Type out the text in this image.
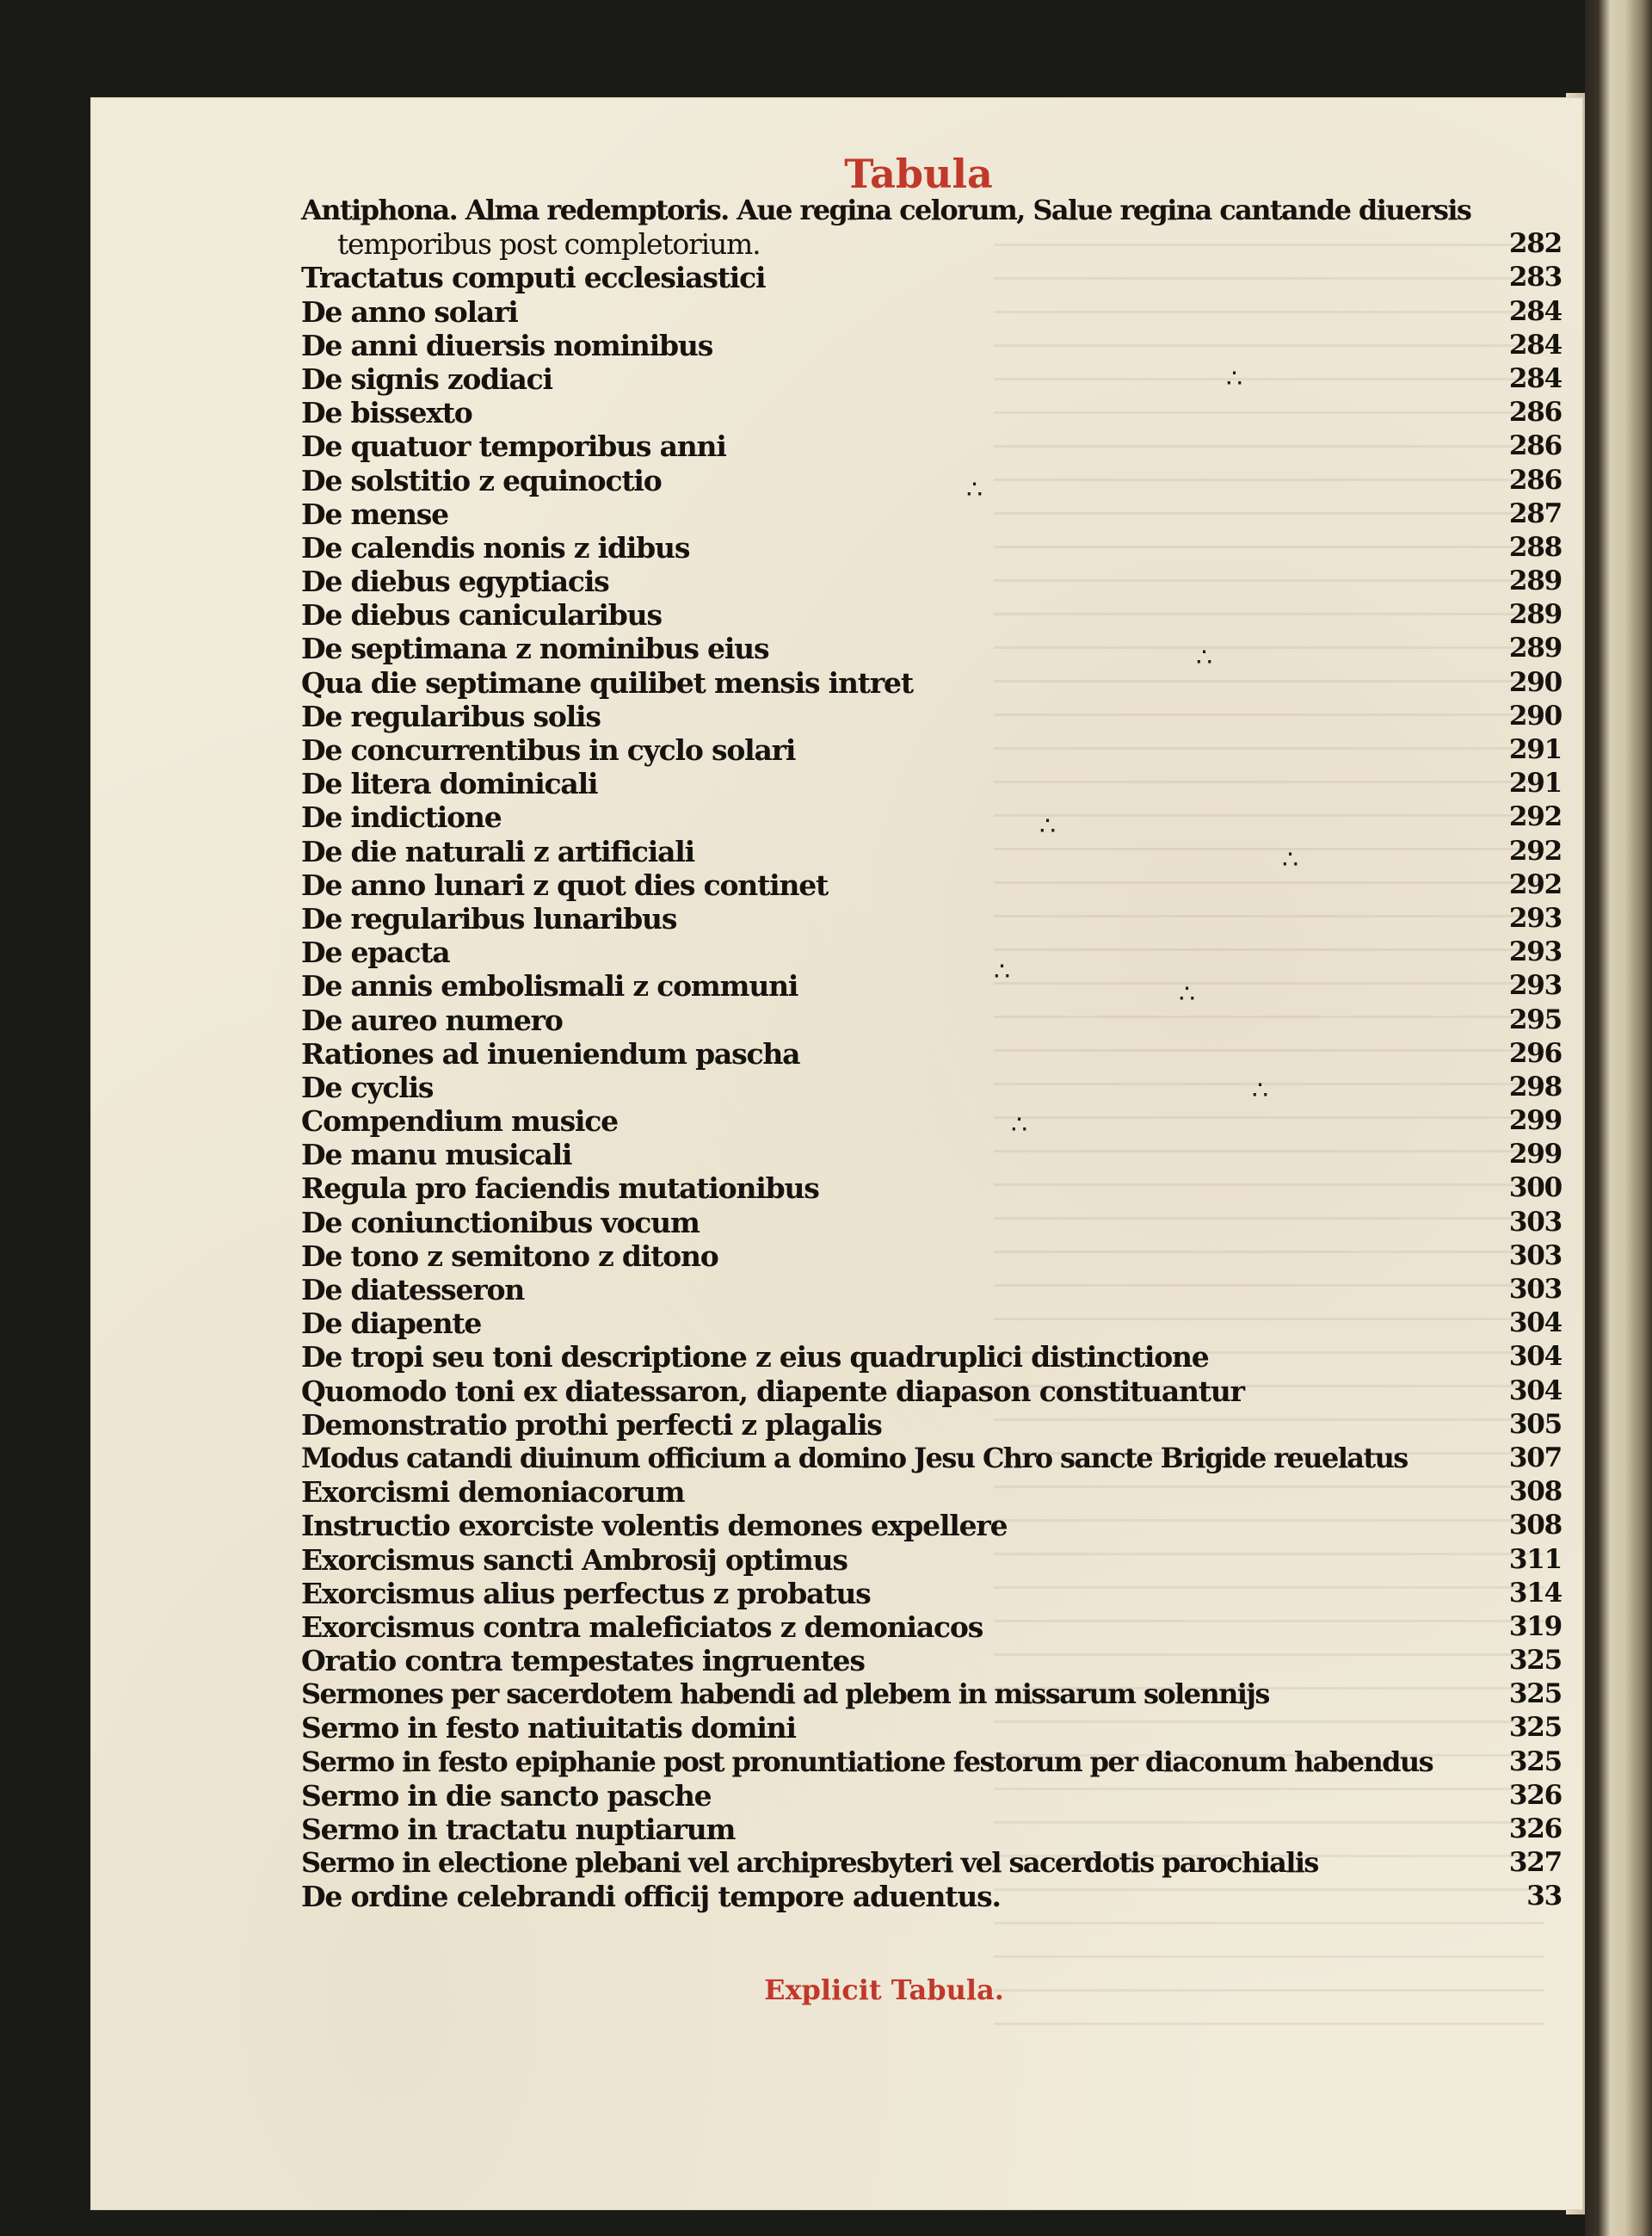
Tabula
Antiphona. Alma redemptoris. Aue regina celorum, Salue regina cantande diuersis
temporibus post completorium.	282
Tractatus computi ecclesiastici	283
De anno solari	284
De anni diuersis nominibus	284
De signis zodiaci	284
De bissexto	286
De quatuor temporibus anni	286
De solstitio z equinoctio	286
De mense	287
De calendis nonis z idibus	288
De diebus egyptiacis	289
De diebus canicularibus	289
De septimana z nominibus eius	289
Qua die septimane quilibet mensis intret	290
De regularibus solis	290
De concurrentibus in cyclo solari	291
De litera dominicali	291
De indictione	292
De die naturali z artificiali	292
De anno lunari z quot dies continet	292
De regularibus lunaribus	293
De epacta	293
De annis embolismali z communi	293
De aureo numero	295
Rationes ad inueniendum pascha	296
De cyclis	298
Compendium musice	299
De manu musicali	299
Regula pro faciendis mutationibus	300
De coniunctionibus vocum	303
De tono z semitono z ditono	303
De diatesseron	303
De diapente	304
De tropi seu toni descriptione z eius quadruplici distinctione	304
Quomodo toni ex diatessaron, diapente diapason constituantur	304
Demonstratio prothi perfecti z plagalis	305
Modus catandi diuinum officium a domino Jesu Chro sancte Brigide reuelatus	307
Exorcismi demoniacorum	308
Instructio exorciste volentis demones expellere	308
Exorcismus sancti Ambrosij optimus	311
Exorcismus alius perfectus z probatus	314
Exorcismus contra maleficiatos z demoniacos	319
Oratio contra tempestates ingruentes	325
Sermones per sacerdotem habendi ad plebem in missarum solennijs	325
Sermo in festo natiuitatis domini	325
Sermo in festo epiphanie post pronuntiatione festorum per diaconum habendus	325
Sermo in die sancto pasche	326
Sermo in tractatu nuptiarum	326
Sermo in electione plebani vel archipresbyteri vel sacerdotis parochialis	327
De ordine celebrandi officij tempore aduentus.	33
Explicit Tabula.
∴
∴
∴
∴
∴
∴
∴
∴
∴
